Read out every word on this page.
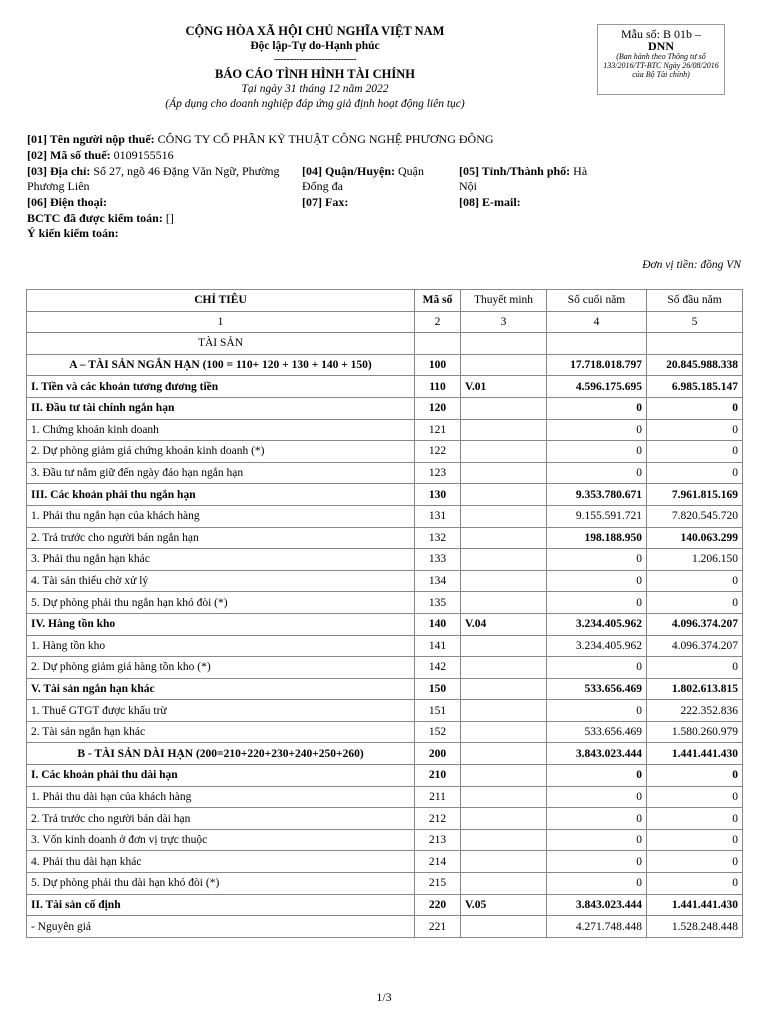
CỘNG HÒA XÃ HỘI CHỦ NGHĨA VIỆT NAM
Độc lập-Tự do-Hạnh phúc
--------------------------
BÁO CÁO TÌNH HÌNH TÀI CHÍNH
Tại ngày 31 tháng 12 năm 2022
(Áp dụng cho doanh nghiệp đáp ứng giả định hoạt động liên tục)
Mẫu số: B 01b –
DNN
(Ban hành theo Thông tư số 133/2016/TT-BTC Ngày 26/08/2016 của Bộ Tài chính)
[01] Tên người nộp thuế: CÔNG TY CỔ PHẦN KỸ THUẬT CÔNG NGHỆ PHƯƠNG ĐÔNG
[02] Mã số thuế: 0109155516
[03] Địa chỉ: Số 27, ngõ 46 Đặng Văn Ngữ, Phường
Phương Liên
[04] Quận/Huyện: Quận
Đống đa
[05] Tỉnh/Thành phố: Hà
Nội
[06] Điện thoại:	[07] Fax:	[08] E-mail:
BCTC đã được kiểm toán: []
Ý kiến kiểm toán:
Đơn vị tiền: đồng VN
CHỈ TIÊU	Mã số	Thuyết minh	Số cuối năm	Số đầu năm
1	2	3	4	5
TÀI SẢN				
A – TÀI SẢN NGẮN HẠN (100 = 110+ 120 + 130 + 140 + 150)	100		17.718.018.797	20.845.988.338
I. Tiền và các khoản tương đương tiền	110	V.01	4.596.175.695	6.985.185.147
II. Đầu tư tài chính ngắn hạn	120		0	0
1. Chứng khoán kinh doanh	121		0	0
2. Dự phòng giảm giá chứng khoán kinh doanh (*)	122		0	0
3. Đầu tư nắm giữ đến ngày đáo hạn ngắn hạn	123		0	0
III. Các khoản phải thu ngắn hạn	130		9.353.780.671	7.961.815.169
1. Phải thu ngắn hạn của khách hàng	131		9.155.591.721	7.820.545.720
2. Trả trước cho người bán ngắn hạn	132		198.188.950	140.063.299
3. Phải thu ngắn hạn khác	133		0	1.206.150
4. Tài sản thiếu chờ xử lý	134		0	0
5. Dự phòng phải thu ngắn hạn khó đòi (*)	135		0	0
IV. Hàng tồn kho	140	V.04	3.234.405.962	4.096.374.207
1. Hàng tồn kho	141		3.234.405.962	4.096.374.207
2. Dự phòng giảm giá hàng tồn kho (*)	142		0	0
V. Tài sản ngắn hạn khác	150		533.656.469	1.802.613.815
1. Thuế GTGT được khấu trừ	151		0	222.352.836
2. Tài sản ngắn hạn khác	152		533.656.469	1.580.260.979
B - TÀI SẢN DÀI HẠN (200=210+220+230+240+250+260)	200		3.843.023.444	1.441.441.430
I. Các khoản phải thu dài hạn	210		0	0
1. Phải thu dài hạn của khách hàng	211		0	0
2. Trả trước cho người bán dài hạn	212		0	0
3. Vốn kinh doanh ở đơn vị trực thuộc	213		0	0
4. Phải thu dài hạn khác	214		0	0
5. Dự phòng phải thu dài hạn khó đòi (*)	215		0	0
II. Tài sản cố định	220	V.05	3.843.023.444	1.441.441.430
- Nguyên giá	221		4.271.748.448	1.528.248.448
1/3
